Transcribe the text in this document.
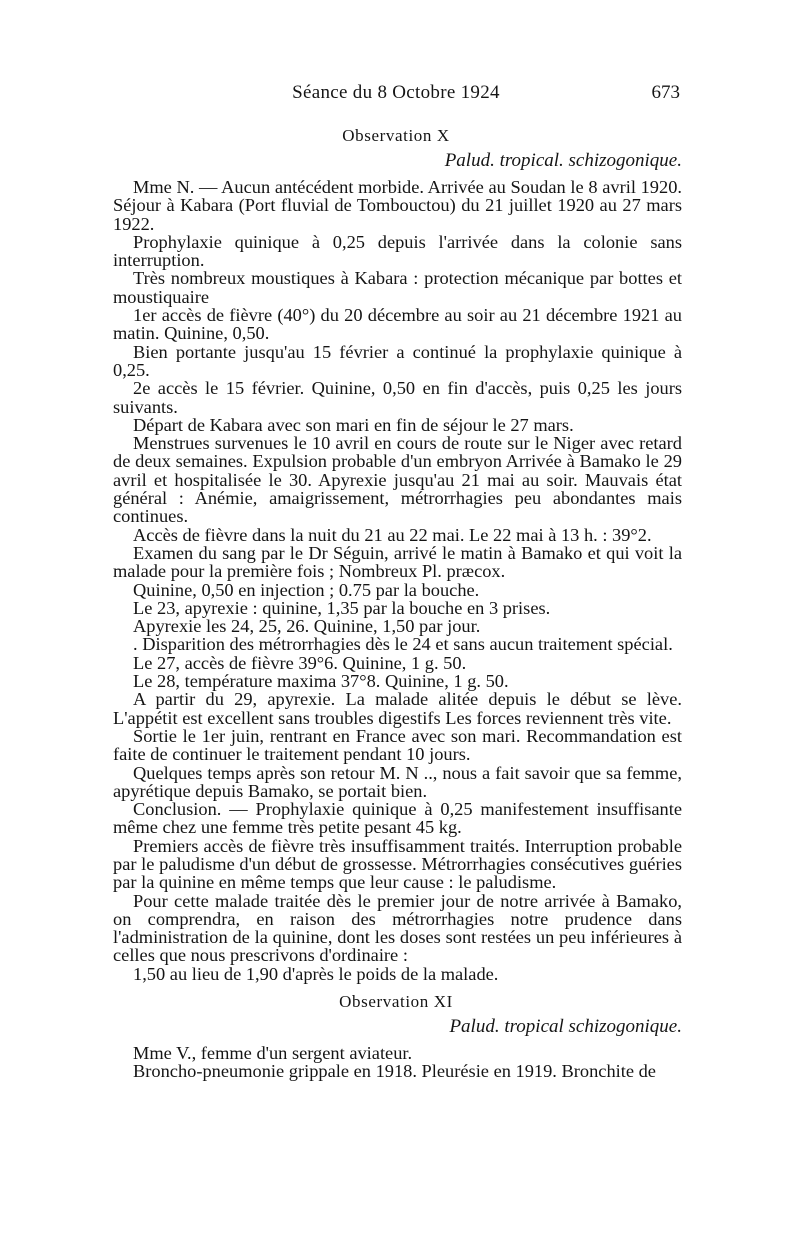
Séance du 8 Octobre 1924	673
Observation X
Palud. tropical. schizogonique.

Mme N. — Aucun antécédent morbide. Arrivée au Soudan le 8 avril 1920. Séjour à Kabara (Port fluvial de Tombouctou) du 21 juillet 1920 au 27 mars 1922.

Prophylaxie quinique à 0,25 depuis l'arrivée dans la colonie sans interruption.

Très nombreux moustiques à Kabara : protection mécanique par bottes et moustiquaire

1er accès de fièvre (40°) du 20 décembre au soir au 21 décembre 1921 au matin. Quinine, 0,50.

Bien portante jusqu'au 15 février a continué la prophylaxie quinique à 0,25.

2e accès le 15 février. Quinine, 0,50 en fin d'accès, puis 0,25 les jours suivants.

Départ de Kabara avec son mari en fin de séjour le 27 mars.

Menstrues survenues le 10 avril en cours de route sur le Niger avec retard de deux semaines. Expulsion probable d'un embryon Arrivée à Bamako le 29 avril et hospitalisée le 30. Apyrexie jusqu'au 21 mai au soir. Mauvais état général : Anémie, amaigrissement, métrorrhagies peu abondantes mais continues.

Accès de fièvre dans la nuit du 21 au 22 mai. Le 22 mai à 13 h. : 39°2.

Examen du sang par le Dr Séguin, arrivé le matin à Bamako et qui voit la malade pour la première fois ; Nombreux Pl. præcox.

Quinine, 0,50 en injection ; 0.75 par la bouche.

Le 23, apyrexie : quinine, 1,35 par la bouche en 3 prises.

Apyrexie les 24, 25, 26. Quinine, 1,50 par jour.

. Disparition des métrorrhagies dès le 24 et sans aucun traitement spécial.

Le 27, accès de fièvre 39°6. Quinine, 1 g. 50.

Le 28, température maxima 37°8. Quinine, 1 g. 50.

A partir du 29, apyrexie. La malade alitée depuis le début se lève. L'appétit est excellent sans troubles digestifs Les forces reviennent très vite.

Sortie le 1er juin, rentrant en France avec son mari. Recommandation est faite de continuer le traitement pendant 10 jours.

Quelques temps après son retour M. N .., nous a fait savoir que sa femme, apyrétique depuis Bamako, se portait bien.

Conclusion. — Prophylaxie quinique à 0,25 manifestement insuffisante même chez une femme très petite pesant 45 kg.

Premiers accès de fièvre très insuffisamment traités. Interruption probable par le paludisme d'un début de grossesse. Métrorrhagies consécutives guéries par la quinine en même temps que leur cause : le paludisme.

Pour cette malade traitée dès le premier jour de notre arrivée à Bamako, on comprendra, en raison des métrorrhagies notre prudence dans l'administration de la quinine, dont les doses sont restées un peu inférieures à celles que nous prescrivons d'ordinaire :

1,50 au lieu de 1,90 d'après le poids de la malade.

Observation XI
Palud. tropical schizogonique.

Mme V., femme d'un sergent aviateur.

Broncho-pneumonie grippale en 1918. Pleurésie en 1919. Bronchite de
